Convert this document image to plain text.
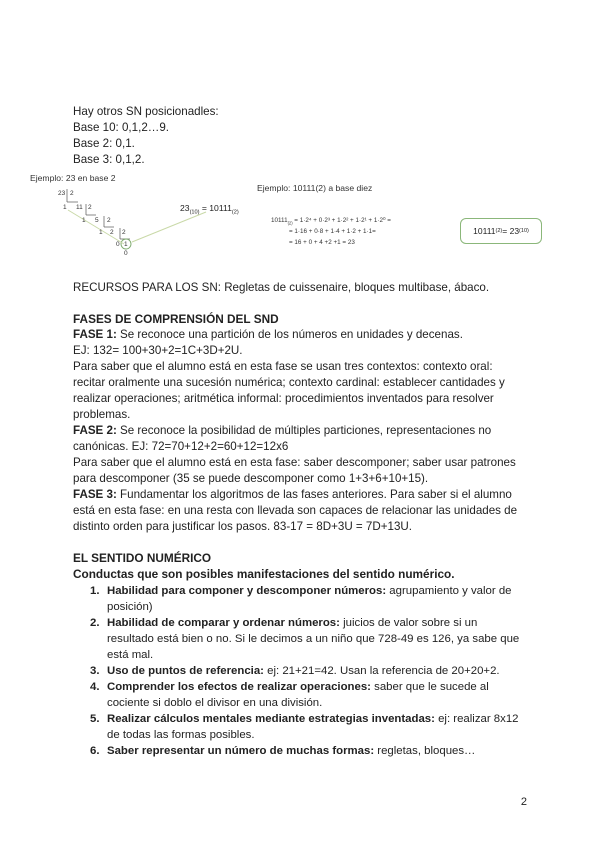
Hay otros SN posicionadles:
Base 10: 0,1,2…9.
Base 2: 0,1.
Base 3: 0,1,2.
Ejemplo: 23 en base 2
23 2
1 11 2
1 5 2
1 2 2
0 1
0
$23_{(10)} = 10111_{(2)}$
Ejemplo: 10111(2) a base diez
$10111_{(2)} = 1\cdot 2^4 + 0\cdot 2^3 + 1\cdot 2^2 + 1\cdot 2^1 + 1\cdot 2^0$ =
= 1·16 + 0·8 + 1·4 + 1·2 + 1·1=
= 16 + 0 + 4 +2 +1 = 23
10111 (2) = 23 (10)
RECURSOS PARA LOS SN: Regletas de cuissenaire, bloques multibase, ábaco.
FASES DE COMPRENSIÓN DEL SND
FASE 1: Se reconoce una partición de los números en unidades y decenas.
EJ: 132= 100+30+2=1C+3D+2U.
Para saber que el alumno está en esta fase se usan tres contextos: contexto oral: recitar oralmente una sucesión numérica; contexto cardinal: establecer cantidades y realizar operaciones; aritmética informal: procedimientos inventados para resolver problemas.
FASE 2: Se reconoce la posibilidad de múltiples particiones, representaciones no canónicas. EJ: 72=70+12+2=60+12=12x6
Para saber que el alumno está en esta fase: saber descomponer; saber usar patrones para descomponer (35 se puede descomponer como 1+3+6+10+15).
FASE 3: Fundamentar los algoritmos de las fases anteriores. Para saber si el alumno está en esta fase: en una resta con llevada son capaces de relacionar las unidades de distinto orden para justificar los pasos. 83-17 = 8D+3U = 7D+13U.
EL SENTIDO NUMÉRICO
Conductas que son posibles manifestaciones del sentido numérico.
1. Habilidad para componer y descomponer números: agrupamiento y valor de posición)
2. Habilidad de comparar y ordenar números: juicios de valor sobre si un resultado está bien o no. Si le decimos a un niño que 728-49 es 126, ya sabe que está mal.
3. Uso de puntos de referencia: ej: 21+21=42. Usan la referencia de 20+20+2.
4. Comprender los efectos de realizar operaciones: saber que le sucede al cociente si doblo el divisor en una división.
5. Realizar cálculos mentales mediante estrategias inventadas: ej: realizar 8x12 de todas las formas posibles.
6. Saber representar un número de muchas formas: regletas, bloques…
2
